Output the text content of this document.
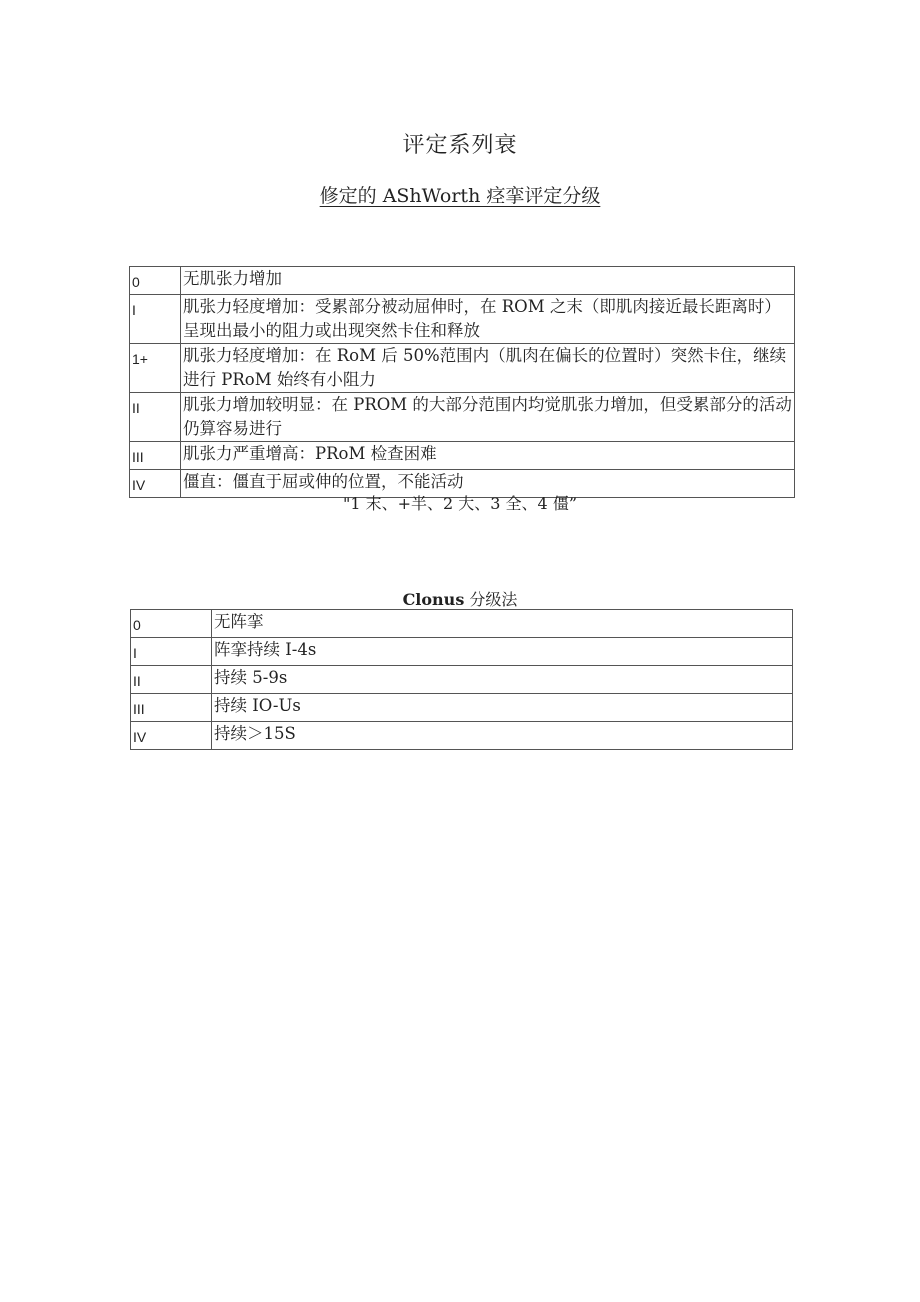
评定系列衰
修定的 AShWorth 痉挛评定分级
0	无肌张力增加
I	肌张力轻度增加：受累部分被动屈伸时，在 ROM 之末（即肌肉接近最长距离时）呈现出最小的阻力或出现突然卡住和释放
1+	肌张力轻度增加：在 RoM 后 50%范围内（肌肉在偏长的位置时）突然卡住，继续进行 PRoM 始终有小阻力
II	肌张力增加较明显：在 PROM 的大部分范围内均觉肌张力增加，但受累部分的活动仍算容易进行
III	肌张力严重增高：PRoM 检查困难
IV	僵直：僵直于屈或伸的位置，不能活动
"1 末、+半、2 大、3 全、4 僵”
Clonus 分级法
0	无阵挛
I	阵挛持续 I-4s
II	持续 5-9s
III	持续 IO-Us
IV	持续＞15S
